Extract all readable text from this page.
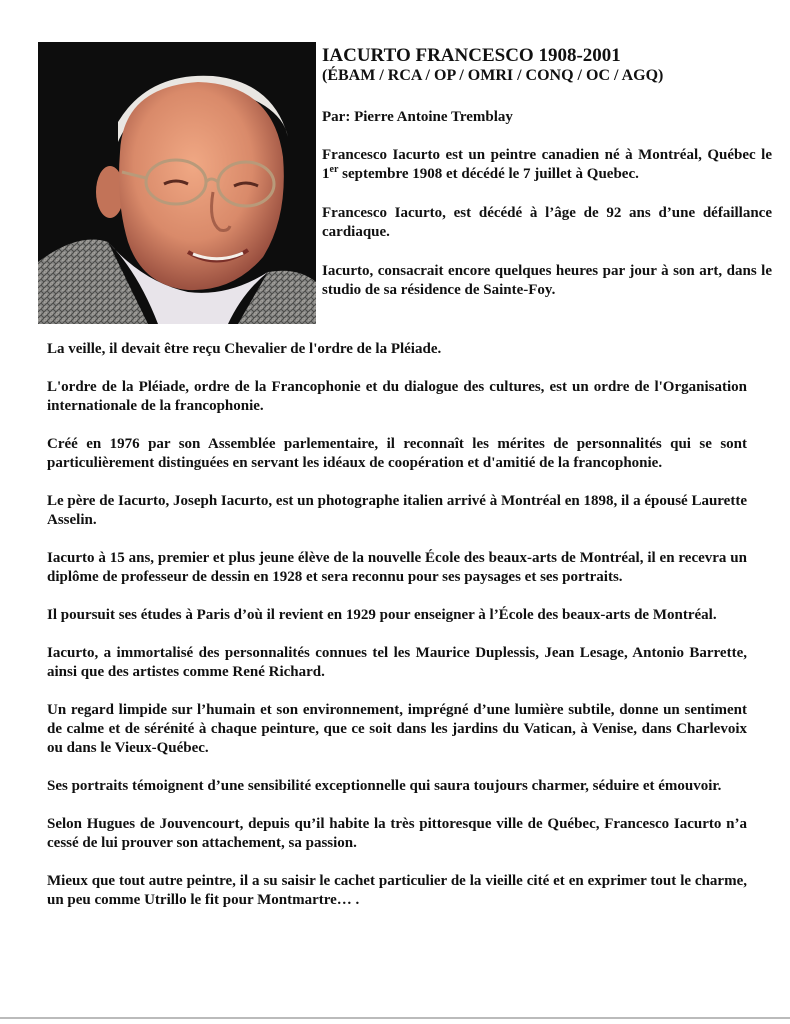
IACURTO FRANCESCO 1908-2001
(ÉBAM / RCA / OP / OMRI / CONQ / OC / AGQ)
Par: Pierre Antoine Tremblay

Francesco Iacurto est un peintre canadien né à Montréal, Québec le 1er septembre 1908 et décédé le 7 juillet à Quebec.

Francesco Iacurto, est décédé à l’âge de 92 ans d’une défaillance cardiaque.

Iacurto, consacrait encore quelques heures par jour à son art, dans le studio de sa résidence de Sainte-Foy.

La veille, il devait être reçu Chevalier de l'ordre de la Pléiade.

L'ordre de la Pléiade, ordre de la Francophonie et du dialogue des cultures, est un ordre de l'Organisation internationale de la francophonie.

Créé en 1976 par son Assemblée parlementaire, il reconnaît les mérites de personnalités qui se sont particulièrement distinguées en servant les idéaux de coopération et d'amitié de la francophonie.

Le père de Iacurto, Joseph Iacurto, est un photographe italien arrivé à Montréal en 1898, il a épousé Laurette Asselin.

Iacurto à 15 ans, premier et plus jeune élève de la nouvelle École des beaux-arts de Montréal, il en recevra un diplôme de professeur de dessin en 1928 et sera reconnu pour ses paysages et ses portraits.

Il poursuit ses études à Paris d’où il revient en 1929 pour enseigner à l’École des beaux-arts de Montréal.

Iacurto, a immortalisé des personnalités connues tel les Maurice Duplessis, Jean Lesage, Antonio Barrette, ainsi que des artistes comme René Richard.

Un regard limpide sur l’humain et son environnement, imprégné d’une lumière subtile, donne un sentiment de calme et de sérénité à chaque peinture, que ce soit dans les jardins du Vatican, à Venise, dans Charlevoix ou dans le Vieux-Québec.

Ses portraits témoignent d’une sensibilité exceptionnelle qui saura toujours charmer, séduire et émouvoir.

Selon Hugues de Jouvencourt, depuis qu’il habite la très pittoresque ville de Québec, Francesco Iacurto n’a cessé de lui prouver son attachement, sa passion.

Mieux que tout autre peintre, il a su saisir le cachet particulier de la vieille cité et en exprimer tout le charme, un peu comme Utrillo le fit pour Montmartre… .
